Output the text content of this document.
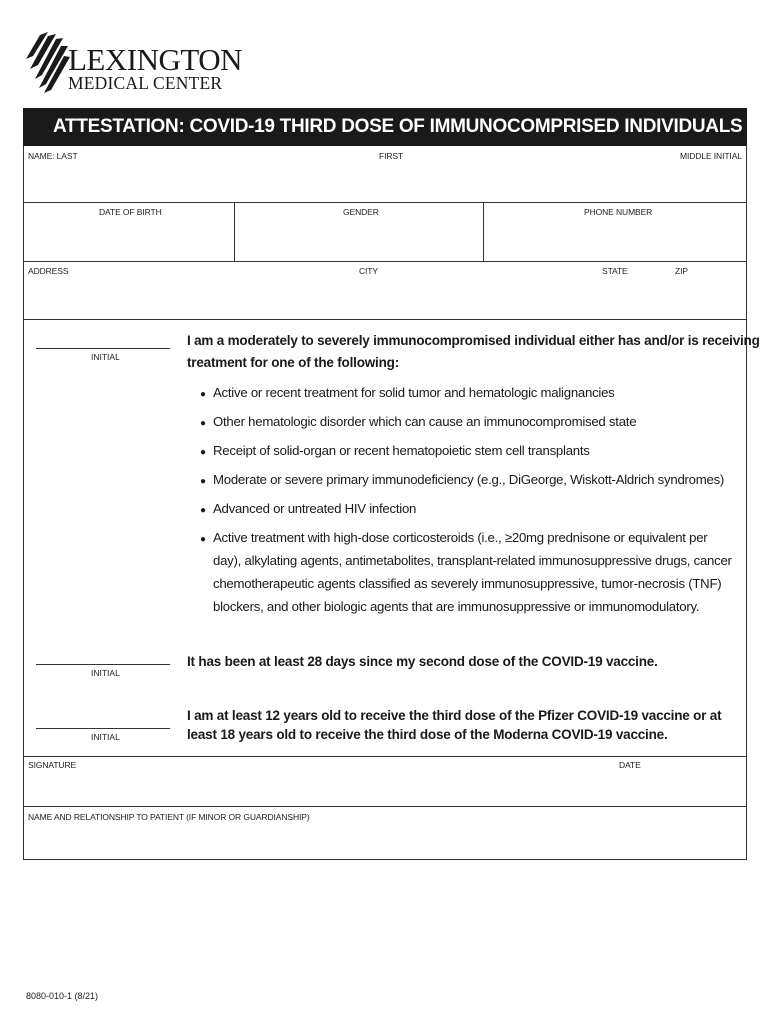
LEXINGTON
MEDICAL CENTER
ATTESTATION: COVID-19 THIRD DOSE OF IMMUNOCOMPRISED INDIVIDUALS
NAME: LAST	FIRST	MIDDLE INITIAL
DATE OF BIRTH	GENDER	PHONE NUMBER
ADDRESS	CITY	STATE	ZIP
INITIAL
I am a moderately to severely immunocompromised individual either has and/or is receiving
treatment for one of the following:
● Active or recent treatment for solid tumor and hematologic malignancies
● Other hematologic disorder which can cause an immunocompromised state
● Receipt of solid-organ or recent hematopoietic stem cell transplants
● Moderate or severe primary immunodeficiency (e.g., DiGeorge, Wiskott-Aldrich syndromes)
● Advanced or untreated HIV infection
● Active treatment with high-dose corticosteroids (i.e., ≥20mg prednisone or equivalent per
day), alkylating agents, antimetabolites, transplant-related immunosuppressive drugs, cancer
chemotherapeutic agents classified as severely immunosuppressive, tumor-necrosis (TNF)
blockers, and other biologic agents that are immunosuppressive or immunomodulatory.
INITIAL
It has been at least 28 days since my second dose of the COVID-19 vaccine.
INITIAL
I am at least 12 years old to receive the third dose of the Pfizer COVID-19 vaccine or at
least 18 years old to receive the third dose of the Moderna COVID-19 vaccine.
SIGNATURE	DATE
NAME AND RELATIONSHIP TO PATIENT (IF MINOR OR GUARDIANSHIP)
8080-010-1 (8/21)
